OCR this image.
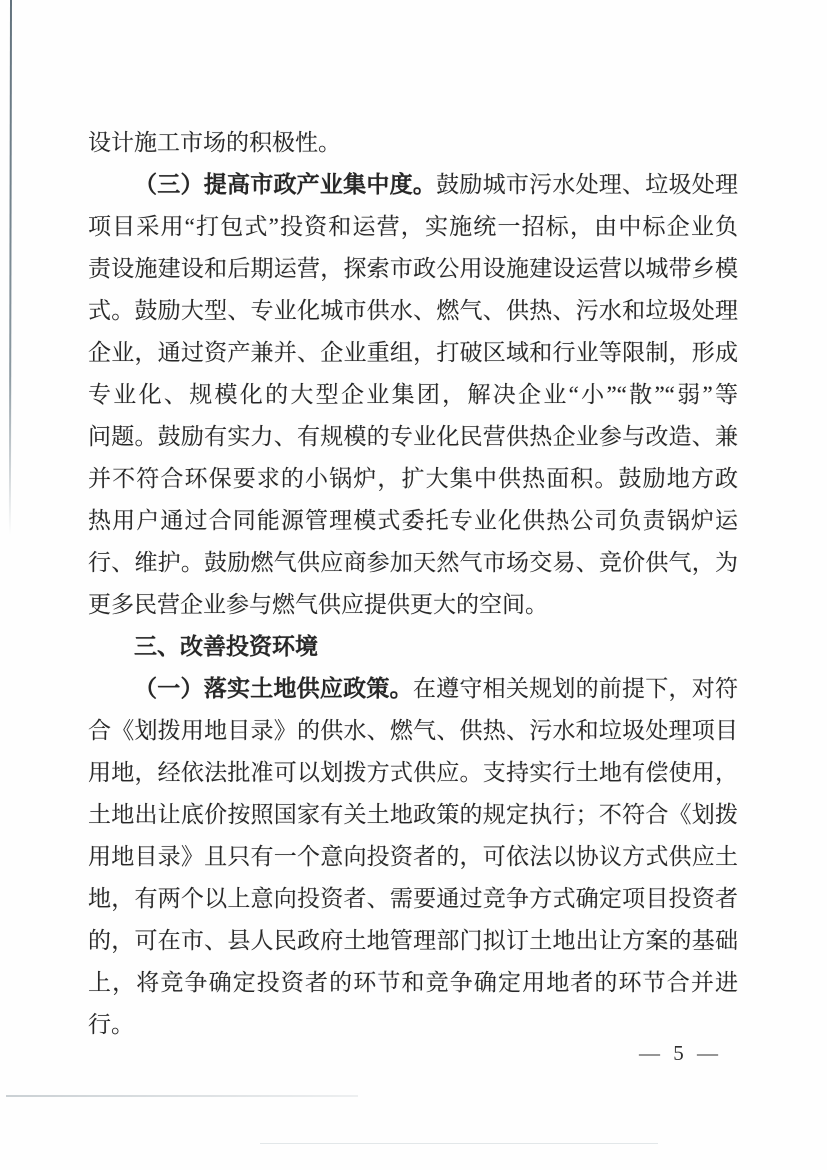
设计施工市场的积极性。
（三）提高市政产业集中度。鼓励城市污水处理、垃圾处理
项目采用“打包式”投资和运营，实施统一招标，由中标企业负
责设施建设和后期运营，探索市政公用设施建设运营以城带乡模
式。鼓励大型、专业化城市供水、燃气、供热、污水和垃圾处理
企业，通过资产兼并、企业重组，打破区域和行业等限制，形成
专业化、规模化的大型企业集团，解决企业“小”“散”“弱”等
问题。鼓励有实力、有规模的专业化民营供热企业参与改造、兼
并不符合环保要求的小锅炉，扩大集中供热面积。鼓励地方政
热用户通过合同能源管理模式委托专业化供热公司负责锅炉运
行、维护。鼓励燃气供应商参加天然气市场交易、竞价供气，为
更多民营企业参与燃气供应提供更大的空间。
三、改善投资环境
（一）落实土地供应政策。在遵守相关规划的前提下，对符
合《划拨用地目录》的供水、燃气、供热、污水和垃圾处理项目
用地，经依法批准可以划拨方式供应。支持实行土地有偿使用，
土地出让底价按照国家有关土地政策的规定执行；不符合《划拨
用地目录》且只有一个意向投资者的，可依法以协议方式供应土
地，有两个以上意向投资者、需要通过竞争方式确定项目投资者
的，可在市、县人民政府土地管理部门拟订土地出让方案的基础
上，将竞争确定投资者的环节和竞争确定用地者的环节合并进
行。
— 5 —
